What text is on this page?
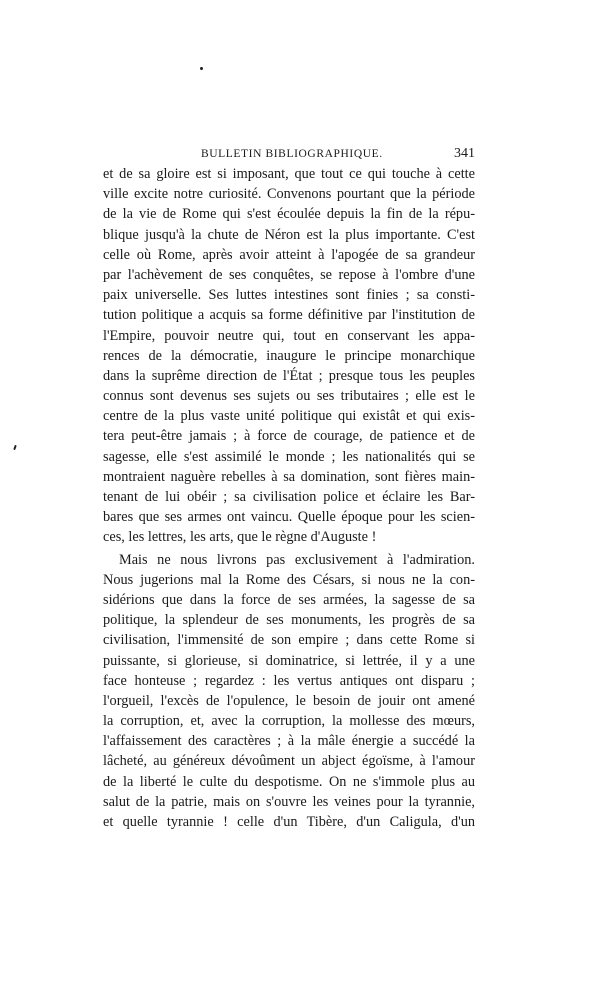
BULLETIN BIBLIOGRAPHIQUE.	341
et de sa gloire est si imposant, que tout ce qui touche à cette
ville excite notre curiosité. Convenons pourtant que la période
de la vie de Rome qui s'est écoulée depuis la fin de la répu-
blique jusqu'à la chute de Néron est la plus importante. C'est
celle où Rome, après avoir atteint à l'apogée de sa grandeur
par l'achèvement de ses conquêtes, se repose à l'ombre d'une
paix universelle. Ses luttes intestines sont finies ; sa consti-
tution politique a acquis sa forme définitive par l'institution de
l'Empire, pouvoir neutre qui, tout en conservant les appa-
rences de la démocratie, inaugure le principe monarchique
dans la suprême direction de l'État ; presque tous les peuples
connus sont devenus ses sujets ou ses tributaires ; elle est le
centre de la plus vaste unité politique qui existât et qui exis-
tera peut-être jamais ; à force de courage, de patience et de
sagesse, elle s'est assimilé le monde ; les nationalités qui se
montraient naguère rebelles à sa domination, sont fières main-
tenant de lui obéir ; sa civilisation police et éclaire les Bar-
bares que ses armes ont vaincu. Quelle époque pour les scien-
ces, les lettres, les arts, que le règne d'Auguste !
Mais ne nous livrons pas exclusivement à l'admiration.
Nous jugerions mal la Rome des Césars, si nous ne la con-
sidérions que dans la force de ses armées, la sagesse de sa
politique, la splendeur de ses monuments, les progrès de sa
civilisation, l'immensité de son empire ; dans cette Rome si
puissante, si glorieuse, si dominatrice, si lettrée, il y a une
face honteuse ; regardez : les vertus antiques ont disparu ;
l'orgueil, l'excès de l'opulence, le besoin de jouir ont amené
la corruption, et, avec la corruption, la mollesse des mœurs,
l'affaissement des caractères ; à la mâle énergie a succédé la
lâcheté, au généreux dévoûment un abject égoïsme, à l'amour
de la liberté le culte du despotisme. On ne s'immole plus au
salut de la patrie, mais on s'ouvre les veines pour la tyrannie,
et quelle tyrannie ! celle d'un Tibère, d'un Caligula, d'un
